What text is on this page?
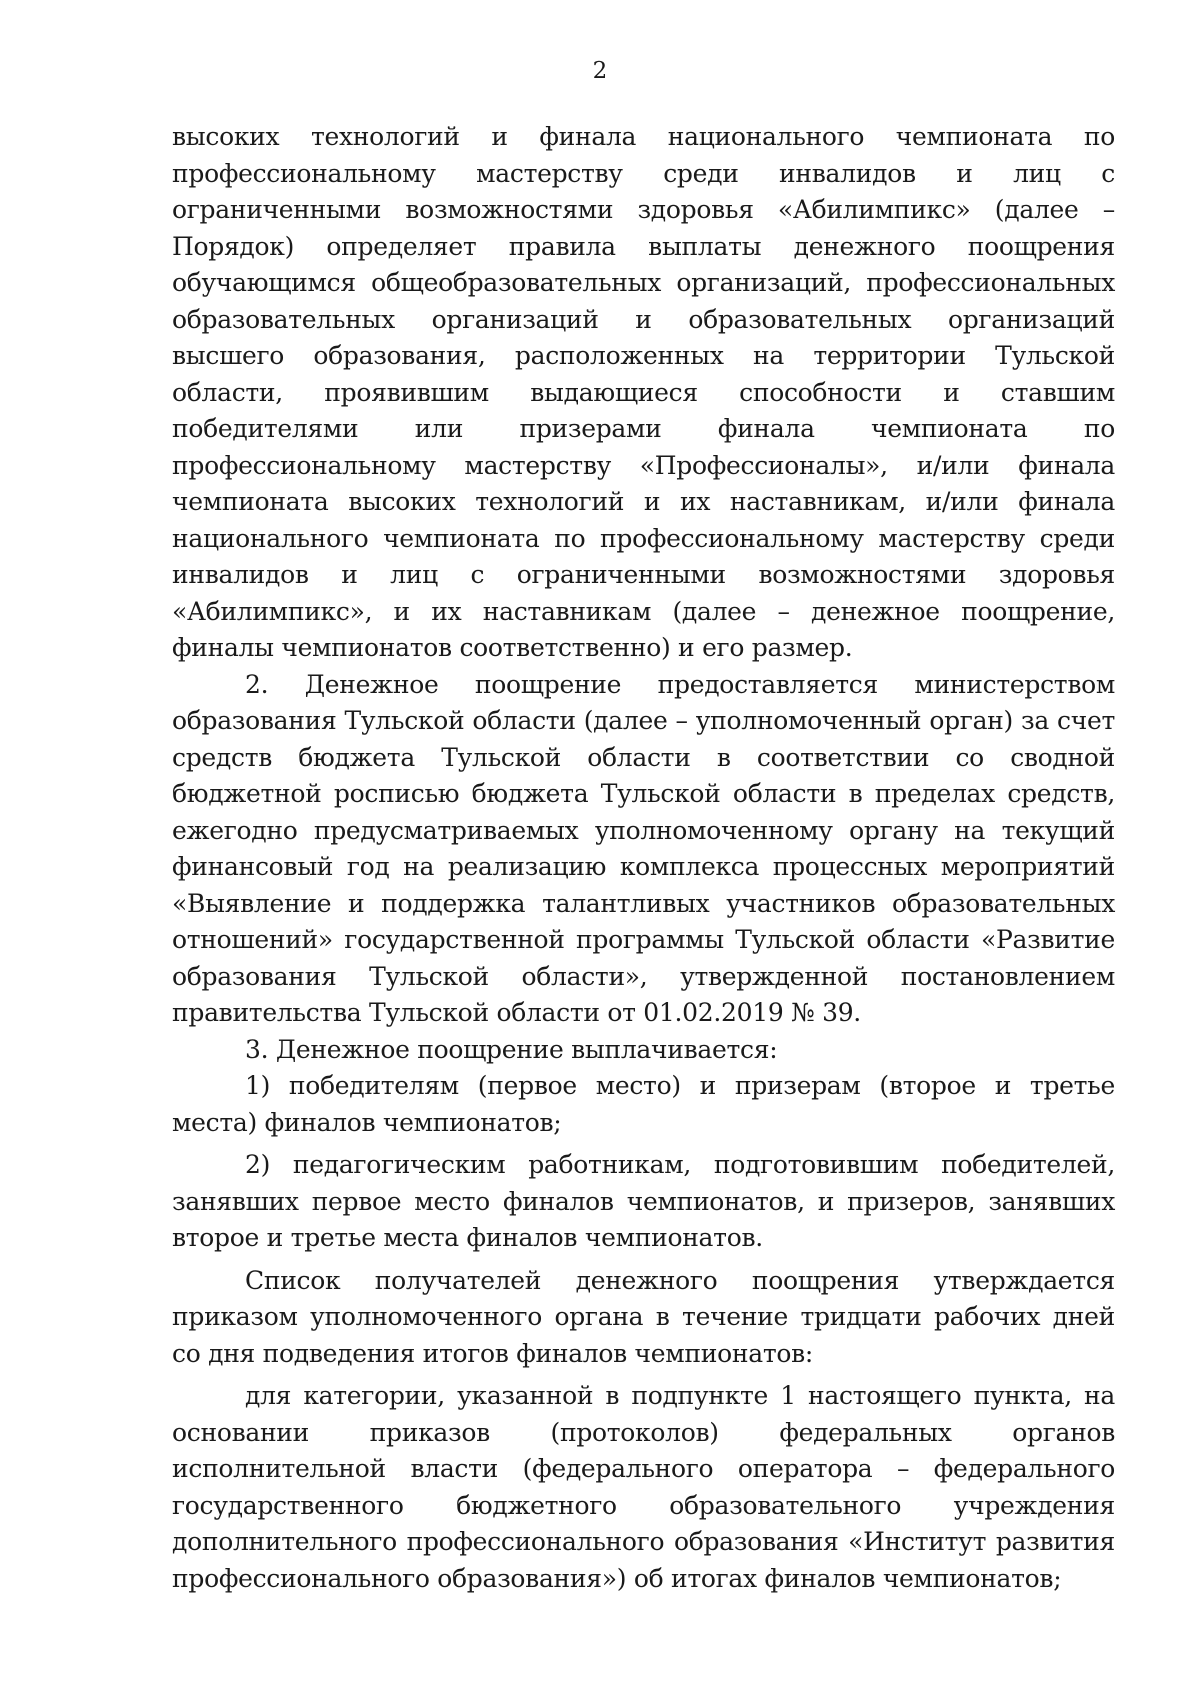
2

высоких технологий и финала национального чемпионата по профессиональному мастерству среди инвалидов и лиц с ограниченными возможностями здоровья «Абилимпикс» (далее – Порядок) определяет правила выплаты денежного поощрения обучающимся общеобразовательных организаций, профессиональных образовательных организаций и образовательных организаций высшего образования, расположенных на территории Тульской области, проявившим выдающиеся способности и ставшим победителями или призерами финала чемпионата по профессиональному мастерству «Профессионалы», и/или финала чемпионата высоких технологий и их наставникам, и/или финала национального чемпионата по профессиональному мастерству среди инвалидов и лиц с ограниченными возможностями здоровья «Абилимпикс», и их наставникам (далее – денежное поощрение, финалы чемпионатов соответственно) и его размер.

2. Денежное поощрение предоставляется министерством образования Тульской области (далее – уполномоченный орган) за счет средств бюджета Тульской области в соответствии со сводной бюджетной росписью бюджета Тульской области в пределах средств, ежегодно предусматриваемых уполномоченному органу на текущий финансовый год на реализацию комплекса процессных мероприятий «Выявление и поддержка талантливых участников образовательных отношений» государственной программы Тульской области «Развитие образования Тульской области», утвержденной постановлением правительства Тульской области от 01.02.2019 № 39.

3. Денежное поощрение выплачивается:

1) победителям (первое место) и призерам (второе и третье места) финалов чемпионатов;

2) педагогическим работникам, подготовившим победителей, занявших первое место финалов чемпионатов, и призеров, занявших второе и третье места финалов чемпионатов.

Список получателей денежного поощрения утверждается приказом уполномоченного органа в течение тридцати рабочих дней со дня подведения итогов финалов чемпионатов:

для категории, указанной в подпункте 1 настоящего пункта, на основании приказов (протоколов) федеральных органов исполнительной власти (федерального оператора – федерального государственного бюджетного образовательного учреждения дополнительного профессионального образования «Институт развития профессионального образования») об итогах финалов чемпионатов;
